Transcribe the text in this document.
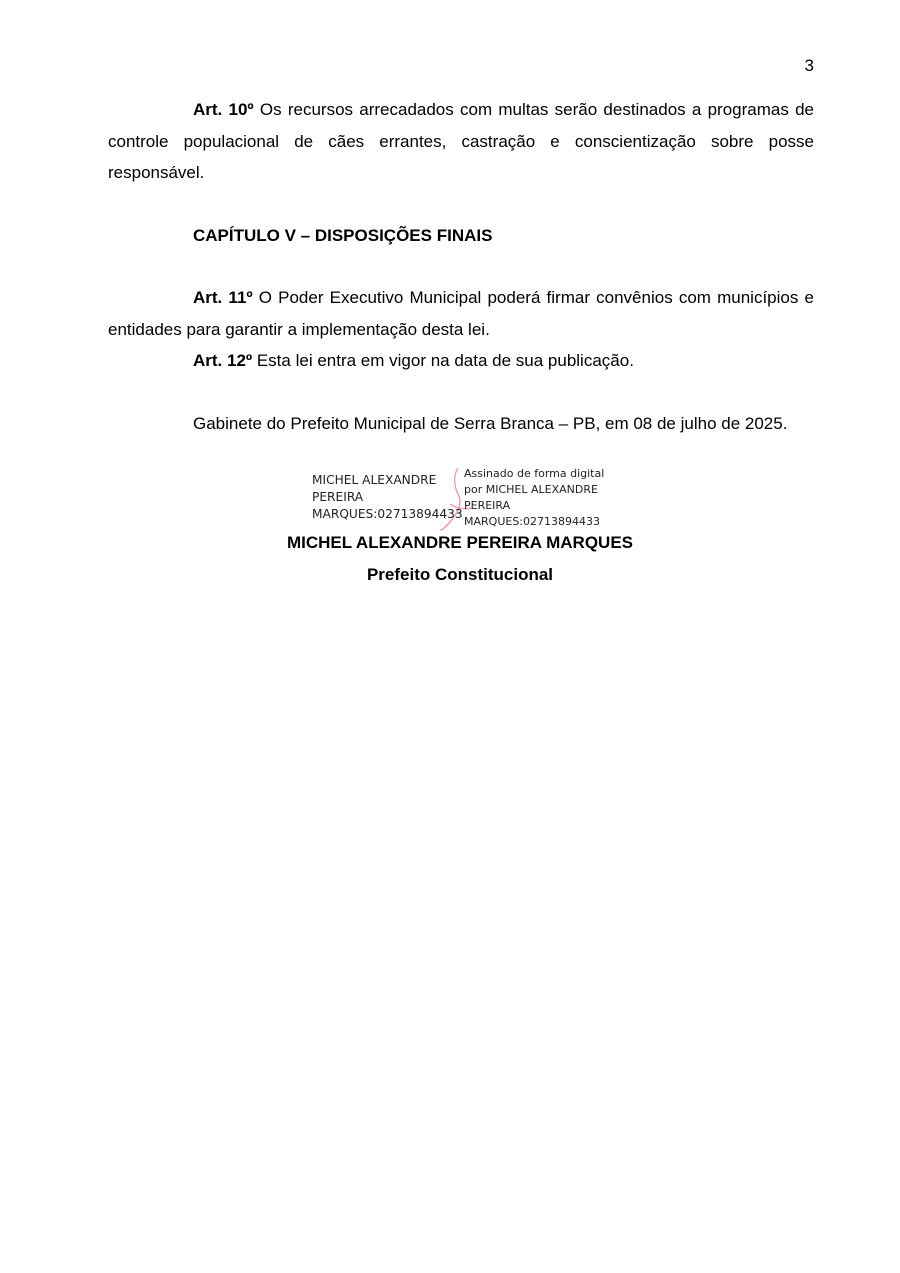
3

Art. 10º Os recursos arrecadados com multas serão destinados a programas de controle populacional de cães errantes, castração e conscientização sobre posse responsável.

CAPÍTULO V – DISPOSIÇÕES FINAIS

Art. 11º O Poder Executivo Municipal poderá firmar convênios com municípios e entidades para garantir a implementação desta lei.

Art. 12º Esta lei entra em vigor na data de sua publicação.

Gabinete do Prefeito Municipal de Serra Branca – PB, em 08 de julho de 2025.

MICHEL ALEXANDRE
PEREIRA
MARQUES:02713894433
Assinado de forma digital
por MICHEL ALEXANDRE
PEREIRA
MARQUES:02713894433
MICHEL ALEXANDRE PEREIRA MARQUES
Prefeito Constitucional
